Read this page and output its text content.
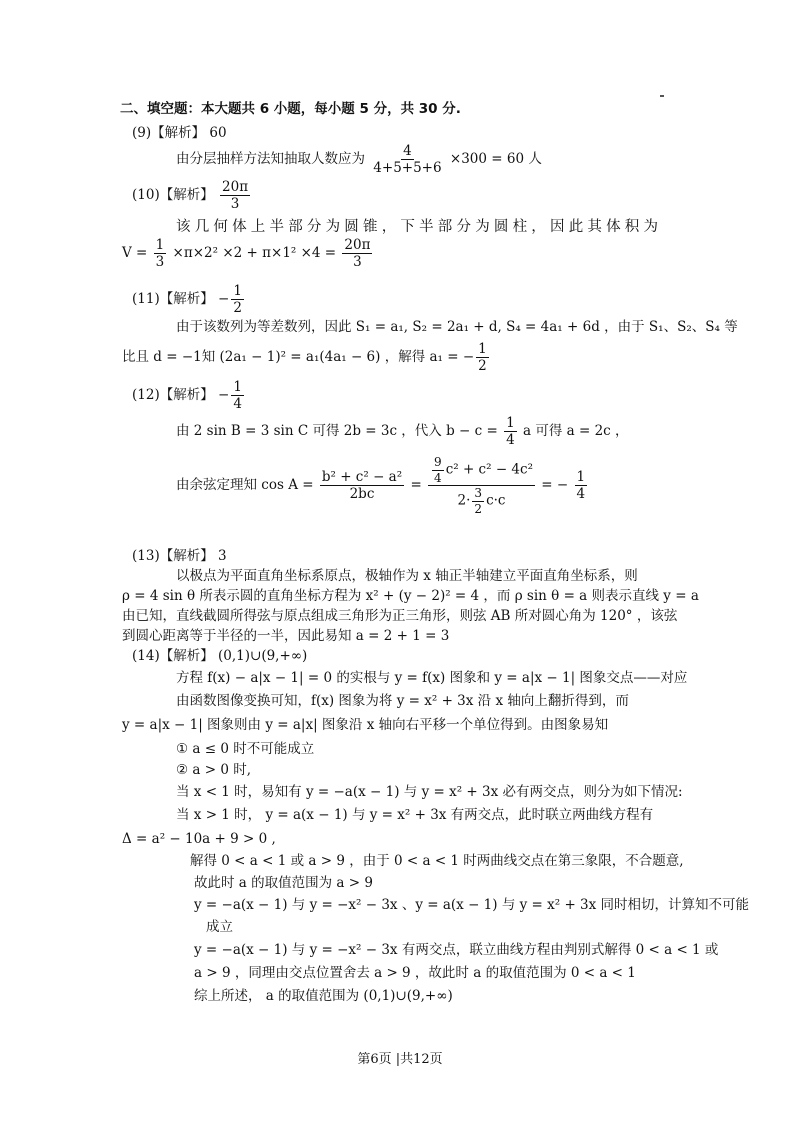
二、填空题：本大题共 6 小题，每小题 5 分，共 30 分.
(9)【解析】 60
由分层抽样方法知抽取人数应为 $\frac{4}{4+5+5+6} \times 300 = 60$ 人
(10)【解析】 $\frac{20\pi}{3}$
该几何体上半部分为圆锥，下半部分为圆柱，因此其体积为
$V = \frac{1}{3} \times\pi\times 2^2 \times 2 + \pi\times 1^2 \times 4 = \frac{20\pi}{3}$
(11)【解析】 − $\frac{1}{2}$
由于该数列为等差数列，因此 S₁ = a₁, S₂ = 2a₁ + d, S₄ = 4a₁ + 6d ，由于 S₁、S₂、S₄ 等
比且 d = −1知 (2a₁ − 1)² = a₁(4a₁ − 6) ，解得 a₁ = − $\frac{1}{2}$
(12)【解析】 − $\frac{1}{4}$
由 2 sin B = 3 sin C 可得 2b = 3c ，代入 $b - c = \frac{1}{4}$ a 可得 a = 2c ，
由余弦定理知 $\cos A = \frac{\text{b² + c² − a²}}{2bc} = \frac{\frac{9}{4} c^2 + c^2 - 4c^2}{2\cdot \frac{3}{2} c\cdot c}$ = − $\frac{1}{4}$
(13)【解析】 3
以极点为平面直角坐标系原点，极轴作为 x 轴正半轴建立平面直角坐标系，则
ρ = 4 sin θ 所表示圆的直角坐标方程为 x² + (y − 2)² = 4 ，而 ρ sin θ = a 则表示直线 y = a
由已知，直线截圆所得弦与原点组成三角形为正三角形，则弦 AB 所对圆心角为 120° ，该弦
到圆心距离等于半径的一半，因此易知 a = 2 + 1 = 3
(14)【解析】 (0,1)∪(9,+∞)
方程 f(x) − a|x − 1| = 0 的实根与 y = f(x) 图象和 y = a|x − 1| 图象交点——对应
由函数图像变换可知，f(x) 图象为将 y = x² + 3x 沿 x 轴向上翻折得到，而
y = a|x − 1| 图象则由 y = a|x| 图象沿 x 轴向右平移一个单位得到。由图象易知
① a ≤ 0 时不可能成立
② a > 0 时,
当 x < 1 时，易知有 y = −a(x − 1) 与 y = x² + 3x 必有两交点，则分为如下情况:
当 x > 1 时， y = a(x − 1) 与 y = x² + 3x 有两交点，此时联立两曲线方程有
Δ = a² − 10a + 9 > 0 ,
解得 0 < a < 1 或 a > 9 ，由于 0 < a < 1 时两曲线交点在第三象限，不合题意,
故此时 a 的取值范围为 a > 9
y = −a(x − 1) 与 y = −x² − 3x 、y = a(x − 1) 与 y = x² + 3x 同时相切，计算知不可能
成立
y = −a(x − 1) 与 y = −x² − 3x 有两交点，联立曲线方程由判别式解得 0 < a < 1 或
a > 9 ，同理由交点位置舍去 a > 9 ，故此时 a 的取值范围为 0 < a < 1
综上所述， a 的取值范围为 (0,1)∪(9,+∞)
第6页 |共12页
